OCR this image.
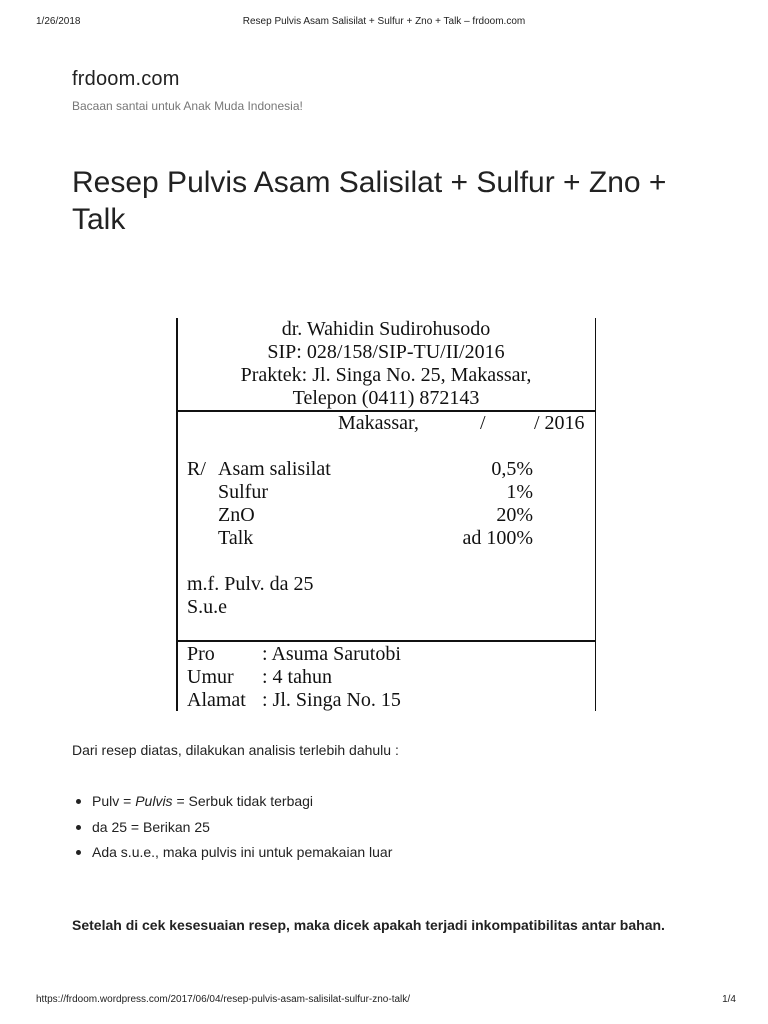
1/26/2018	Resep Pulvis Asam Salisilat + Sulfur + Zno + Talk – frdoom.com
frdoom.com
Bacaan santai untuk Anak Muda Indonesia!
Resep Pulvis Asam Salisilat + Sulfur + Zno + Talk
dr. Wahidin Sudirohusodo
SIP: 028/158/SIP-TU/II/2016
Praktek: Jl. Singa No. 25, Makassar,
Telepon (0411) 872143
Makassar,	/ / 2016
R/ Asam salisilat	0,5%
Sulfur	1%
ZnO	20%
Talk	ad 100%
m.f. Pulv. da 25
S.u.e
Pro : Asuma Sarutobi
Umur : 4 tahun
Alamat : Jl. Singa No. 15
Dari resep diatas, dilakukan analisis terlebih dahulu :
Pulv = Pulvis = Serbuk tidak terbagi
da 25 = Berikan 25
Ada s.u.e., maka pulvis ini untuk pemakaian luar
Setelah di cek kesesuaian resep, maka dicek apakah terjadi inkompatibilitas antar bahan.
https://frdoom.wordpress.com/2017/06/04/resep-pulvis-asam-salisilat-sulfur-zno-talk/	1/4
